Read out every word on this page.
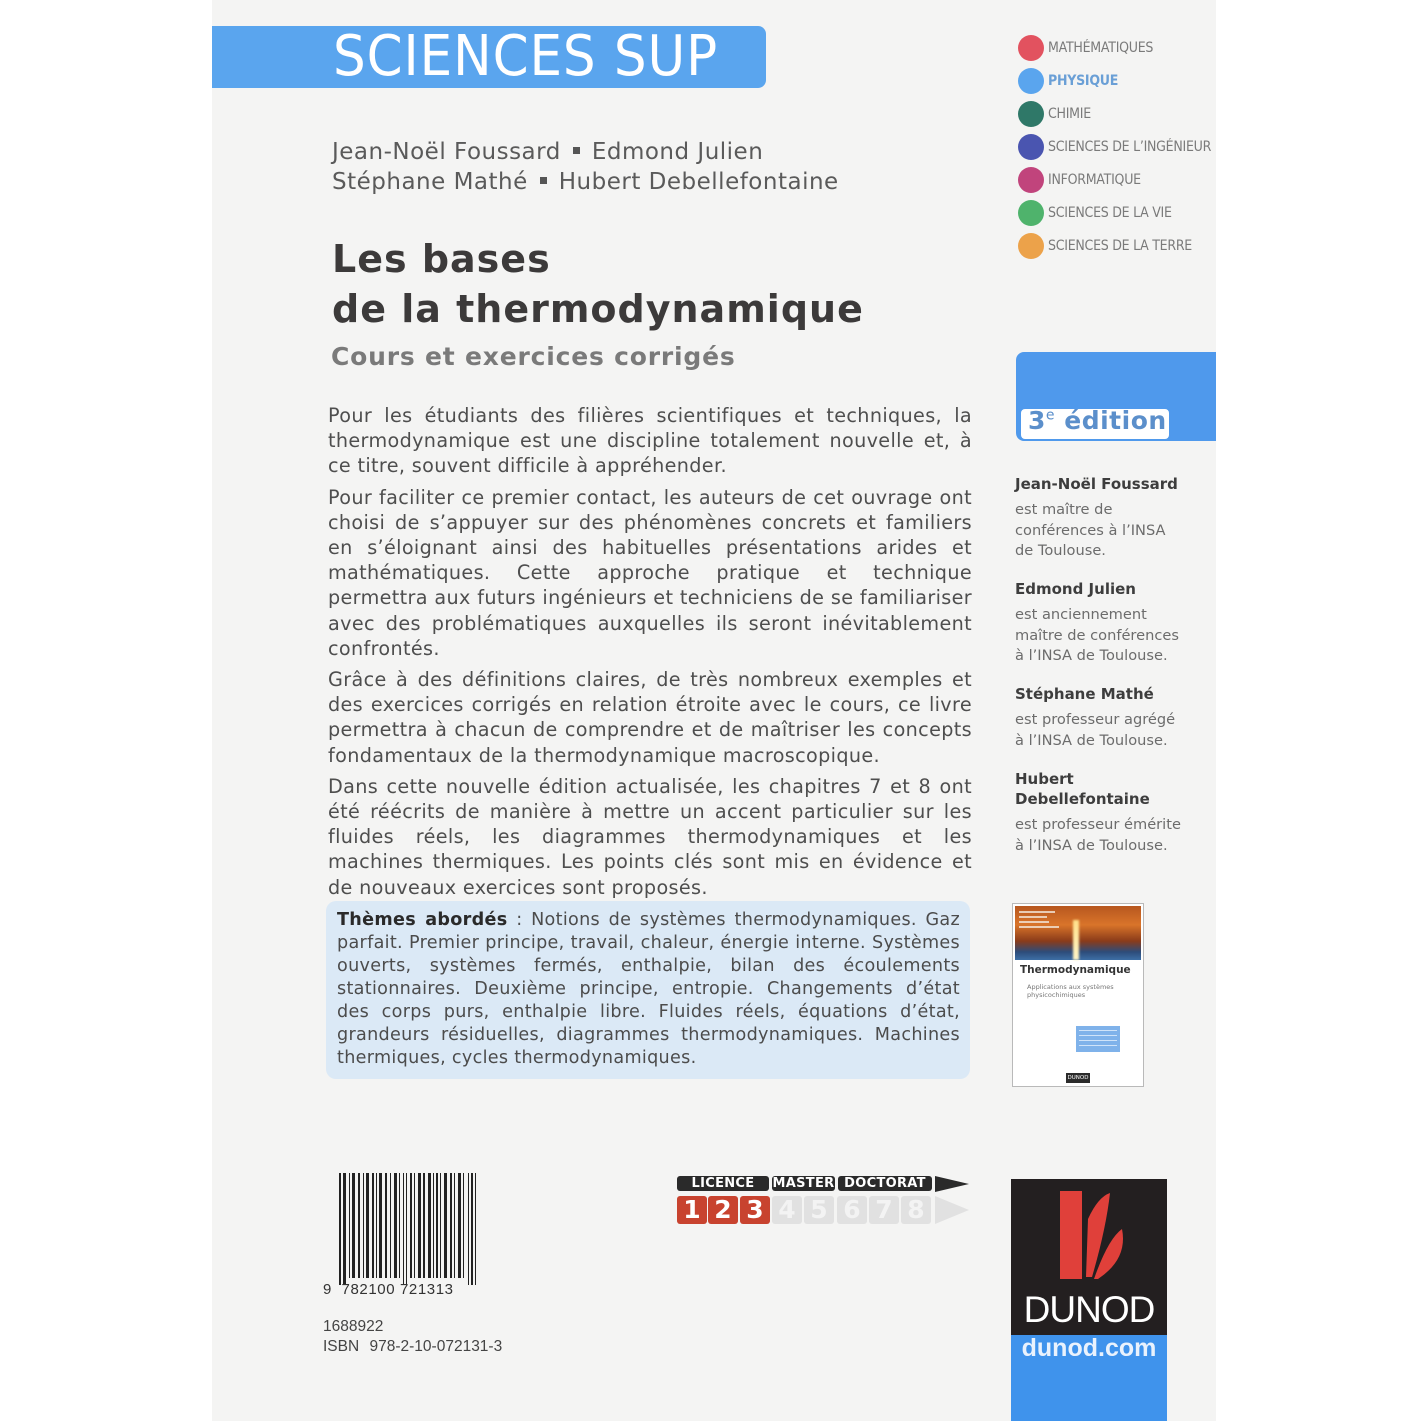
SCIENCES SUP	MATHÉMATIQUES
PHYSIQUE
CHIMIE
SCIENCES DE L’INGÉNIEUR
INFORMATIQUE
SCIENCES DE LA VIE
SCIENCES DE LA TERRE
Jean-Noël Foussard Edmond Julien
Stéphane Mathé Hubert Debellefontaine
Les bases
de la thermodynamique
Cours et exercices corrigés

Pour les étudiants des filières scientifiques et techniques, la thermodynamique est une discipline totalement nouvelle et, à ce titre, souvent difficile à appréhender.

Pour faciliter ce premier contact, les auteurs de cet ouvrage ont choisi de s’appuyer sur des phénomènes concrets et familiers en s’éloignant ainsi des habituelles présentations arides et mathématiques. Cette approche pratique et technique permettra aux futurs ingénieurs et techniciens de se familiariser avec des problématiques auxquelles ils seront inévitablement confrontés.

Grâce à des définitions claires, de très nombreux exemples et des exercices corrigés en relation étroite avec le cours, ce livre permettra à chacun de comprendre et de maîtriser les concepts fondamentaux de la thermodynamique macroscopique.

Dans cette nouvelle édition actualisée, les chapitres 7 et 8 ont été réécrits de manière à mettre un accent particulier sur les fluides réels, les diagrammes thermodynamiques et les machines thermiques. Les points clés sont mis en évidence et de nouveaux exercices sont proposés.

Thèmes abordés : Notions de systèmes thermodynamiques. Gaz parfait. Premier principe, travail, chaleur, énergie interne. Systèmes ouverts, systèmes fermés, enthalpie, bilan des écoulements stationnaires. Deuxième principe, entropie. Changements d’état des corps purs, enthalpie libre. Fluides réels, équations d’état, grandeurs résiduelles, diagrammes thermodynamiques. Machines thermiques, cycles thermodynamiques.
3e édition
Jean-Noël Foussard
est maître de
conférences à l’INSA
de Toulouse.
Edmond Julien
est anciennement
maître de conférences
à l’INSA de Toulouse.
Stéphane Mathé
est professeur agrégé
à l’INSA de Toulouse.
Hubert
Debellefontaine
est professeur émérite
à l’INSA de Toulouse.
Thermodynamique
Applications aux systèmes
physicochimiques
DUNOD
LICENCE	MASTER DOCTORAT
1 2 3 4 5 6 7 8
9 782100 721313
1688922
ISBN 978-2-10-072131-3
DUNOD
dunod.com
